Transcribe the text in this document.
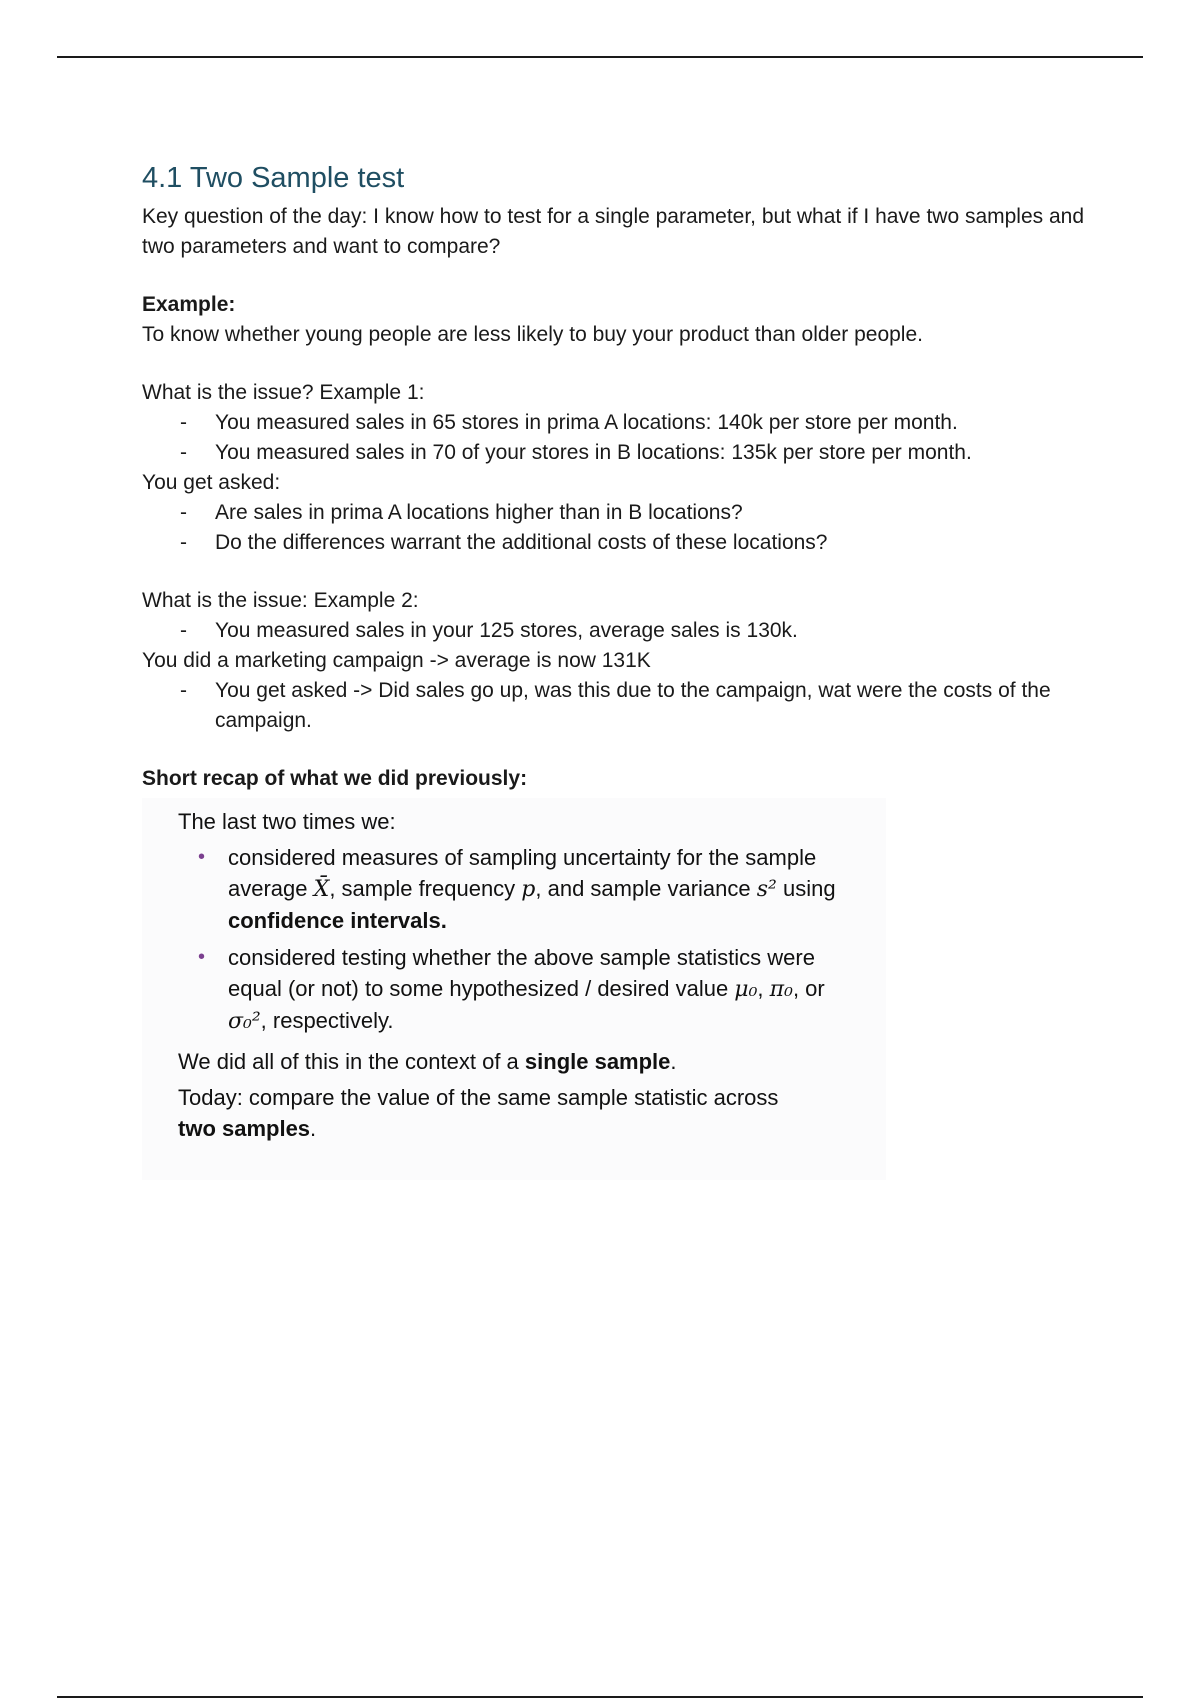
4.1 Two Sample test

Key question of the day: I know how to test for a single parameter, but what if I have two samples and two parameters and want to compare?

Example:

To know whether young people are less likely to buy your product than older people.

What is the issue? Example 1:

- You measured sales in 65 stores in prima A locations: 140k per store per month.
- You measured sales in 70 of your stores in B locations: 135k per store per month.

You get asked:

- Are sales in prima A locations higher than in B locations?
- Do the differences warrant the additional costs of these locations?

What is the issue: Example 2:

- You measured sales in your 125 stores, average sales is 130k.

You did a marketing campaign -> average is now 131K

- You get asked -> Did sales go up, was this due to the campaign, wat were the costs of the campaign.

Short recap of what we did previously:

The last two times we:
• considered measures of sampling uncertainty for the sample average X̄, sample frequency p, and sample variance s² using confidence intervals.
• considered testing whether the above sample statistics were equal (or not) to some hypothesized / desired value μ₀, π₀, or σ₀², respectively.

We did all of this in the context of a single sample.

Today: compare the value of the same sample statistic across two samples.
